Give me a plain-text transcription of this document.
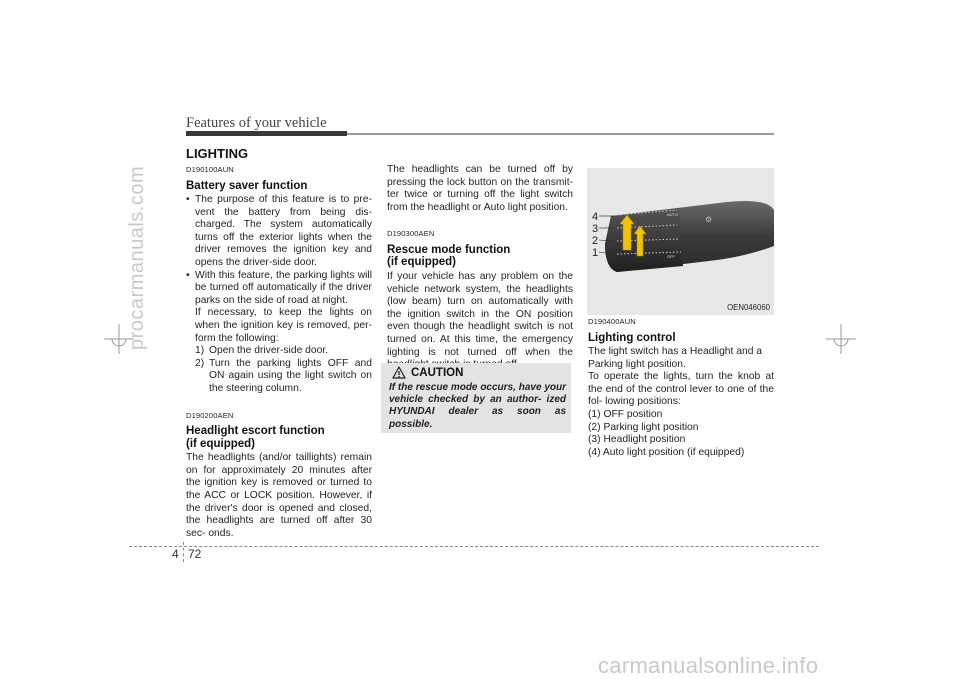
Features of your vehicle
LIGHTING
D190100AUN
Battery saver function
• The purpose of this feature is to pre- vent the battery from being dis- charged. The system automatically turns off the exterior lights when the driver removes the ignition key and opens the driver-side door.
• With this feature, the parking lights will be turned off automatically if the driver parks on the side of road at night.
If necessary, to keep the lights on when the ignition key is removed, per- form the following:
1) Open the driver-side door.
2) Turn the parking lights OFF and ON again using the light switch on the steering column.
D190200AEN
Headlight escort function
(if equipped)
The headlights (and/or taillights) remain on for approximately 20 minutes after the ignition key is removed or turned to the ACC or LOCK position. However, if the driver's door is opened and closed, the headlights are turned off after 30 sec- onds.
The headlights can be turned off by pressing the lock button on the transmit- ter twice or turning off the light switch from the headlight or Auto light position.
D190300AEN
Rescue mode function
(if equipped)
If your vehicle has any problem on the vehicle network system, the headlights (low beam) turn on automatically with the ignition switch in the ON position even though the headlight switch is not turned on. At this time, the emergency lighting is not turned off when the
CAUTION
If the rescue mode occurs, have your vehicle checked by an author- ized HYUNDAI dealer as soon as possible.
AUTO
OFF
⚙
4
3
2
1
OEN046060
D190400AUN
Lighting control
The light switch has a Headlight and a Parking light position.
To operate the lights, turn the knob at the end of the control lever to one of the fol- lowing positions:
(1) OFF position
(2) Parking light position
(3) Headlight position
(4) Auto light position (if equipped)
4 72
procarmanuals.com
carmanualsonline.info
